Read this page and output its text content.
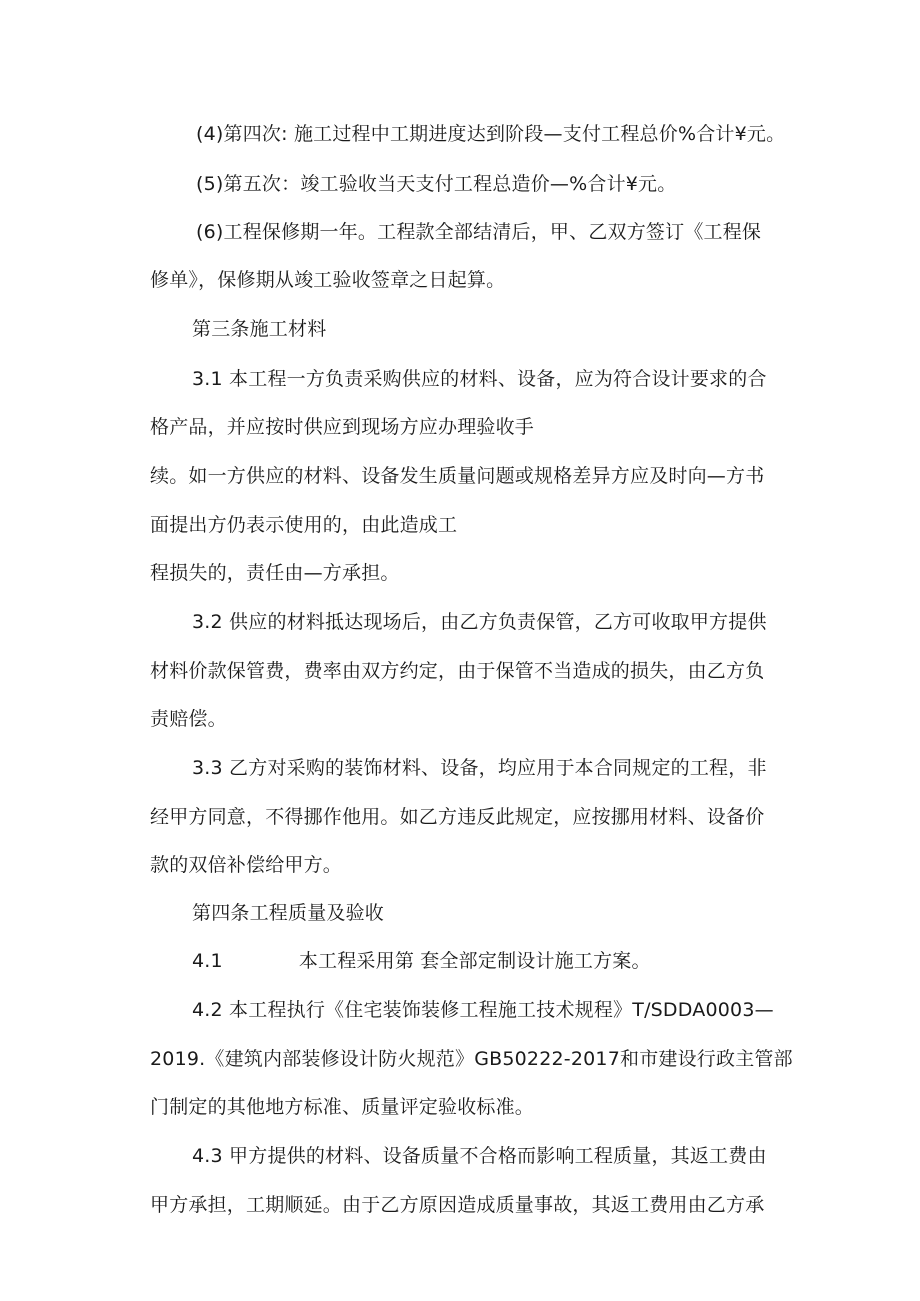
(4)第四次: 施工过程中工期进度达到阶段—支付工程总价%合计¥元。
(5)第五次：竣工验收当天支付工程总造价—%合计¥元。
(6)工程保修期一年。工程款全部结清后，甲、乙双方签订《工程保
修单》，保修期从竣工验收签章之日起算。
第三条施工材料
3.1 本工程一方负责采购供应的材料、设备，应为符合设计要求的合
格产品，并应按时供应到现场方应办理验收手
续。如一方供应的材料、设备发生质量问题或规格差异方应及时向—方书
面提出方仍表示使用的，由此造成工
程损失的，责任由—方承担。
3.2 供应的材料抵达现场后，由乙方负责保管，乙方可收取甲方提供
材料价款保管费，费率由双方约定，由于保管不当造成的损失，由乙方负
责赔偿。
3.3 乙方对采购的装饰材料、设备，均应用于本合同规定的工程，非
经甲方同意，不得挪作他用。如乙方违反此规定，应按挪用材料、设备价
款的双倍补偿给甲方。
第四条工程质量及验收
4.1	本工程采用第 套全部定制设计施工方案。
4.2 本工程执行《住宅装饰装修工程施工技术规程》T/SDDA0003—
2019.《建筑内部装修设计防火规范》GB50222-2017和市建设行政主管部
门制定的其他地方标准、质量评定验收标准。
4.3 甲方提供的材料、设备质量不合格而影响工程质量，其返工费由
甲方承担，工期顺延。由于乙方原因造成质量事故，其返工费用由乙方承
